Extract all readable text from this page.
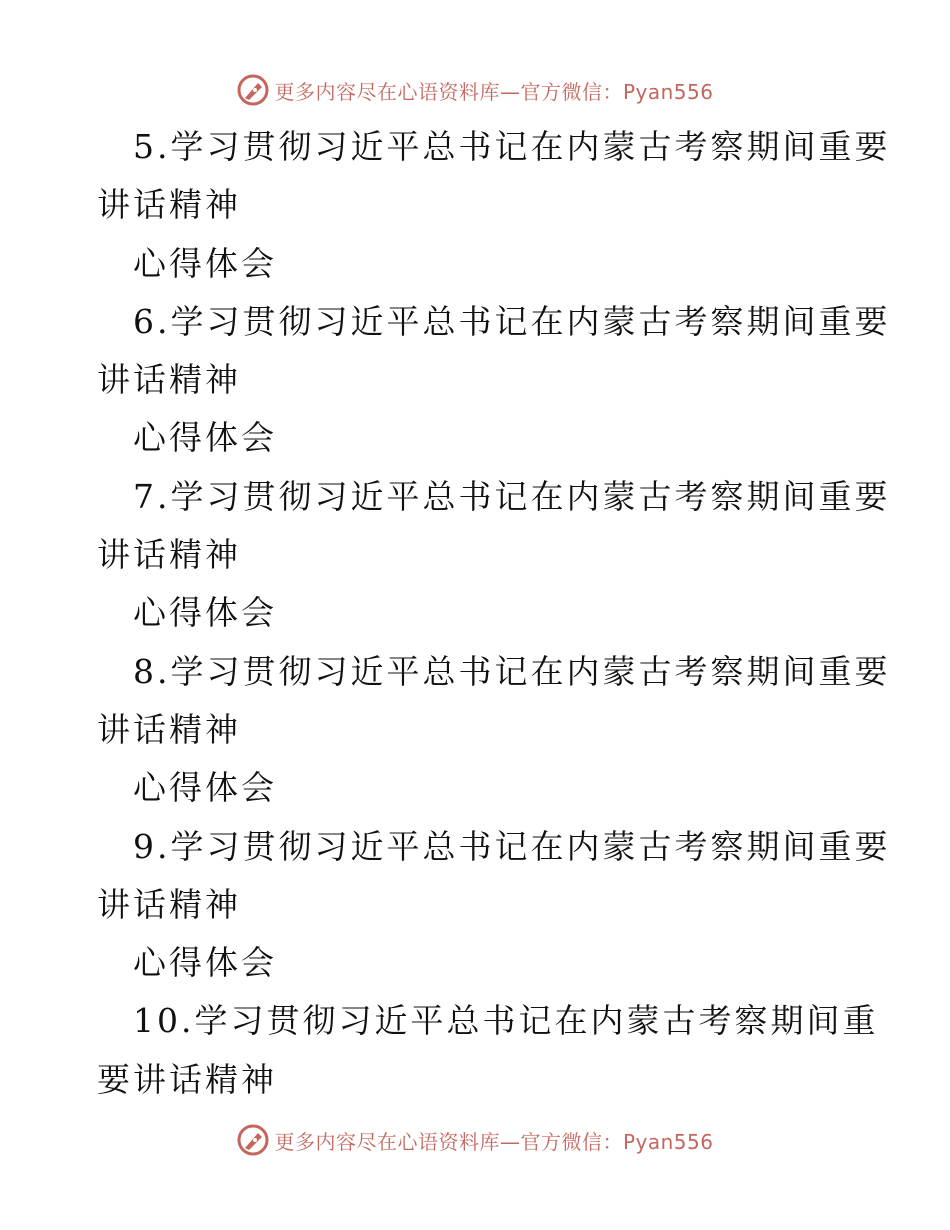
更多内容尽在心语资料库—官方微信：Pyan556
5.学习贯彻习近平总书记在内蒙古考察期间重要
讲话精神
心得体会
6.学习贯彻习近平总书记在内蒙古考察期间重要
讲话精神
心得体会
7.学习贯彻习近平总书记在内蒙古考察期间重要
讲话精神
心得体会
8.学习贯彻习近平总书记在内蒙古考察期间重要
讲话精神
心得体会
9.学习贯彻习近平总书记在内蒙古考察期间重要
讲话精神
心得体会
10.学习贯彻习近平总书记在内蒙古考察期间重
要讲话精神
更多内容尽在心语资料库—官方微信：Pyan556
